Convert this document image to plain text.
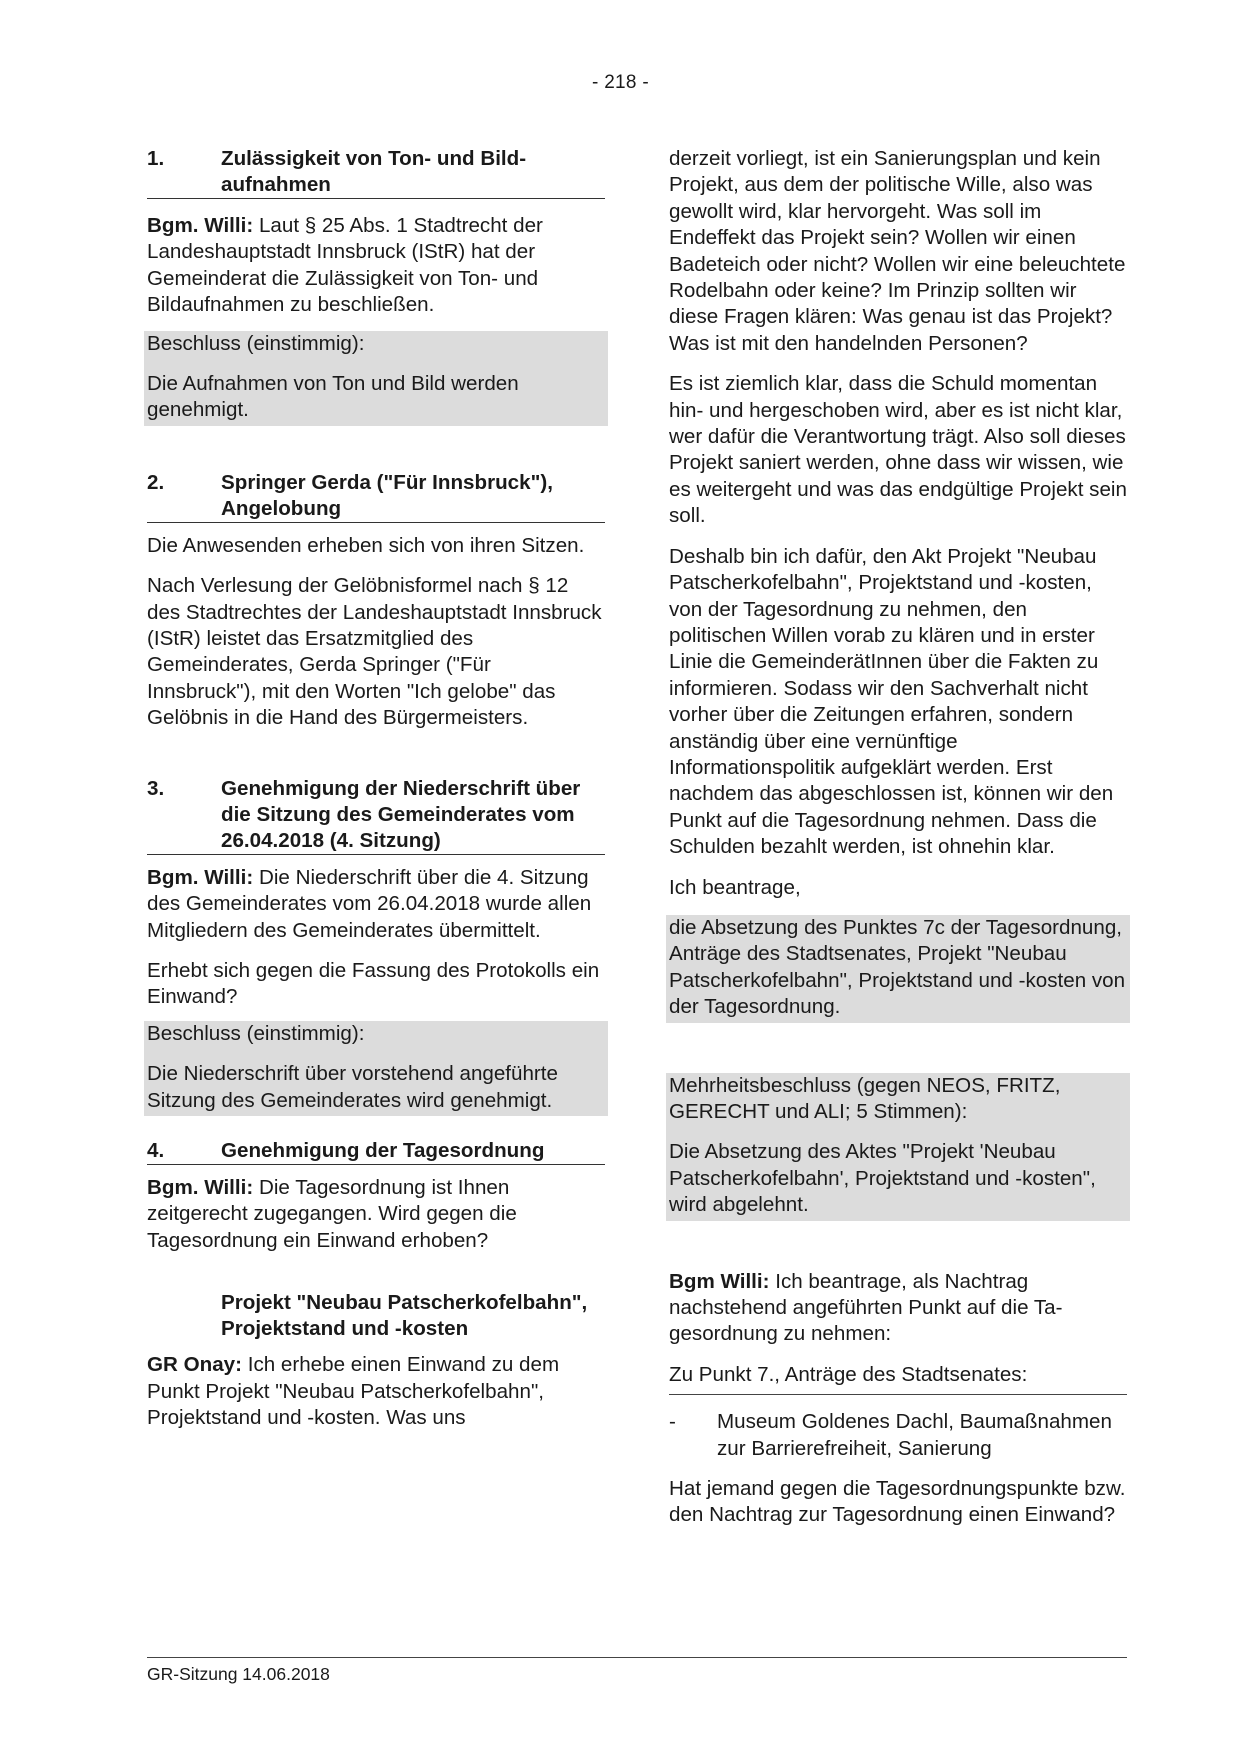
- 218 -
1.	Zulässigkeit von Ton- und Bildaufnahmen

Bgm. Willi: Laut § 25 Abs. 1 Stadtrecht der Landeshauptstadt Innsbruck (IStR) hat der Gemeinderat die Zulässigkeit von Ton- und Bildaufnahmen zu beschließen.

Beschluss (einstimmig):

Die Aufnahmen von Ton und Bild werden genehmigt.

2.	Springer Gerda ("Für Innsbruck"), Angelobung

Die Anwesenden erheben sich von ihren Sitzen.

Nach Verlesung der Gelöbnisformel nach § 12 des Stadtrechtes der Landeshauptstadt Innsbruck (IStR) leistet das Ersatzmitglied des Gemeinderates, Gerda Springer ("Für Innsbruck"), mit den Worten "Ich gelobe" das Gelöbnis in die Hand des Bürgermeisters.

3.	Genehmigung der Niederschrift über die Sitzung des Gemeinderates vom 26.04.2018 (4. Sitzung)

Bgm. Willi: Die Niederschrift über die 4. Sitzung des Gemeinderates vom 26.04.2018 wurde allen Mitgliedern des Gemeinderates übermittelt.

Erhebt sich gegen die Fassung des Protokolls ein Einwand?

Beschluss (einstimmig):

Die Niederschrift über vorstehend angeführte Sitzung des Gemeinderates wird genehmigt.

4.	Genehmigung der Tagesordnung

Bgm. Willi: Die Tagesordnung ist Ihnen zeitgerecht zugegangen. Wird gegen die Tagesordnung ein Einwand erhoben?

Projekt "Neubau Patscherkofelbahn", Projektstand und -kosten

GR Onay: Ich erhebe einen Einwand zu dem Punkt Projekt "Neubau Patscherkofelbahn", Projektstand und -kosten. Was uns

derzeit vorliegt, ist ein Sanierungsplan und kein Projekt, aus dem der politische Wille, also was gewollt wird, klar hervorgeht. Was soll im Endeffekt das Projekt sein? Wollen wir einen Badeteich oder nicht? Wollen wir eine beleuchtete Rodelbahn oder keine? Im Prinzip sollten wir diese Fragen klären: Was genau ist das Projekt? Was ist mit den handelnden Personen?

Es ist ziemlich klar, dass die Schuld momentan hin- und hergeschoben wird, aber es ist nicht klar, wer dafür die Verantwortung trägt. Also soll dieses Projekt saniert werden, ohne dass wir wissen, wie es weitergeht und was das endgültige Projekt sein soll.

Deshalb bin ich dafür, den Akt Projekt "Neubau Patscherkofelbahn", Projektstand und -kosten, von der Tagesordnung zu nehmen, den politischen Willen vorab zu klären und in erster Linie die GemeinderätInnen über die Fakten zu informieren. Sodass wir den Sachverhalt nicht vorher über die Zeitungen erfahren, sondern anständig über eine vernünftige Informationspolitik aufgeklärt werden. Erst nachdem das abgeschlossen ist, können wir den Punkt auf die Tagesordnung nehmen. Dass die Schulden bezahlt werden, ist ohnehin klar.

Ich beantrage,

die Absetzung des Punktes 7c der Tagesordnung, Anträge des Stadtsenates, Projekt "Neubau Patscherkofelbahn", Projektstand und -kosten von der Tagesordnung.

Mehrheitsbeschluss (gegen NEOS, FRITZ, GERECHT und ALI; 5 Stimmen):

Die Absetzung des Aktes "Projekt 'Neubau Patscherkofelbahn', Projektstand und -kosten", wird abgelehnt.

Bgm Willi: Ich beantrage, als Nachtrag nachstehend angeführten Punkt auf die Tagesordnung zu nehmen:

Zu Punkt 7., Anträge des Stadtsenates:

-	Museum Goldenes Dachl, Baumaßnahmen zur Barrierefreiheit, Sanierung

Hat jemand gegen die Tagesordnungspunkte bzw. den Nachtrag zur Tagesordnung einen Einwand?

GR-Sitzung 14.06.2018
